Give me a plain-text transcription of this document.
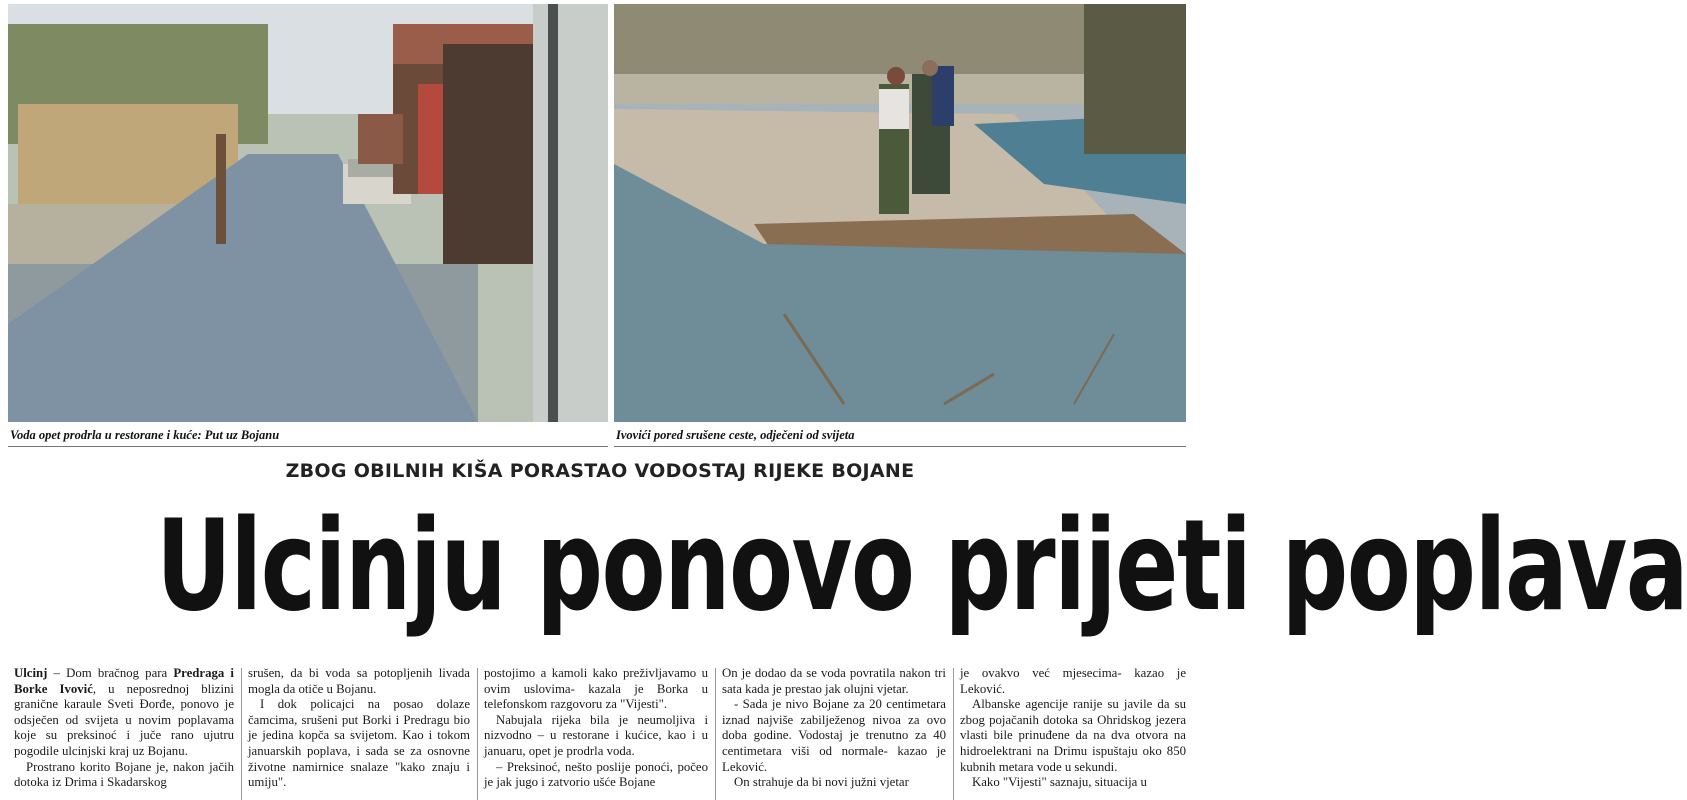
Voda opet prodrla u restorane i kuće: Put uz Bojanu	Ivovići pored srušene ceste, odječeni od svijeta
ZBOG OBILNIH KIŠA PORASTAO VODOSTAJ RIJEKE BOJANE
Ulcinju ponovo prijeti poplava

Ulcinj – Dom bračnog para Predraga i Borke Ivović, u neposrednoj blizini granične karaule Sveti Đorđe, ponovo je odsječen od svijeta u novim poplavama koje su preksinoć i juče rano ujutru pogodile ulcinjski kraj uz Bojanu.

Prostrano korito Bojane je, nakon jačih dotoka iz Drima i Skadarskog

srušen, da bi voda sa potopljenih livada mogla da otiče u Bojanu.

I dok policajci na posao dolaze čamcima, srušeni put Borki i Predragu bio je jedina kopča sa svijetom. Kao i tokom januarskih poplava, i sada se za osnovne životne namirnice snalaze "kako znaju i umiju".

postojimo a kamoli kako preživljavamo u ovim uslovima- kazala je Borka u telefonskom razgovoru za "Vijesti".

Nabujala rijeka bila je neumoljiva i nizvodno – u restorane i kućice, kao i u januaru, opet je prodrla voda.

– Preksinoć, nešto poslije ponoći, počeo je jak jugo i zatvorio ušće Bojane

On je dodao da se voda povratila nakon tri sata kada je prestao jak olujni vjetar.

- Sada je nivo Bojane za 20 centimetara iznad najviše zabilježenog nivoa za ovo doba godine. Vodostaj je trenutno za 40 centimetara viši od normale- kazao je Leković.

On strahuje da bi novi južni vjetar

je ovakvo već mjesecima- kazao je Leković.

Albanske agencije ranije su javile da su zbog pojačanih dotoka sa Ohridskog jezera vlasti bile prinuđene da na dva otvora na hidroelektrani na Drimu ispuštaju oko 850 kubnih metara vode u sekundi.

Kako "Vijesti" saznaju, situacija u
